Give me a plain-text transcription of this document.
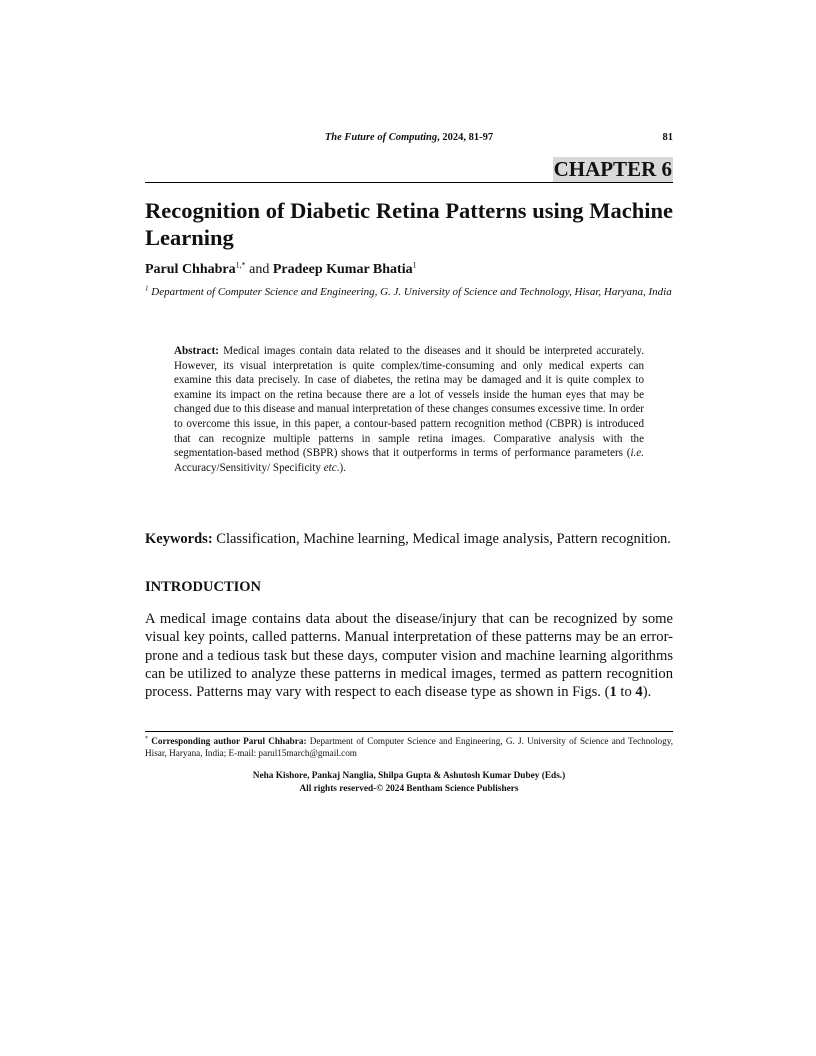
The Future of Computing, 2024, 81-97	81
CHAPTER 6
Recognition of Diabetic Retina Patterns using Machine Learning
Parul Chhabra$^{1,*}$ and Pradeep Kumar Bhatia$^1$
$^1$ Department of Computer Science and Engineering, G. J. University of Science and Technology, Hisar, Haryana, India

Abstract: Medical images contain data related to the diseases and it should be interpreted accurately. However, its visual interpretation is quite complex/time-consuming and only medical experts can examine this data precisely. In case of diabetes, the retina may be damaged and it is quite complex to examine its impact on the retina because there are a lot of vessels inside the human eyes that may be changed due to this disease and manual interpretation of these changes consumes excessive time. In order to overcome this issue, in this paper, a contour-based pattern recognition method (CBPR) is introduced that can recognize multiple patterns in sample retina images. Comparative analysis with the segmentation-based method (SBPR) shows that it outperforms in terms of performance parameters (i.e. Accuracy/Sensitivity/ Specificity etc.).

Keywords: Classification, Machine learning, Medical image analysis, Pattern recognition.

INTRODUCTION

A medical image contains data about the disease/injury that can be recognized by some visual key points, called patterns. Manual interpretation of these patterns may be an error-prone and a tedious task but these days, computer vision and machine learning algorithms can be utilized to analyze these patterns in medical images, termed as pattern recognition process. Patterns may vary with respect to each disease type as shown in Figs. (1 to 4).

* Corresponding author Parul Chhabra: Department of Computer Science and Engineering, G. J. University of Science and Technology, Hisar, Haryana, India; E-mail: parul15march@gmail.com

Neha Kishore, Pankaj Nanglia, Shilpa Gupta & Ashutosh Kumar Dubey (Eds.)
All rights reserved-© 2024 Bentham Science Publishers
